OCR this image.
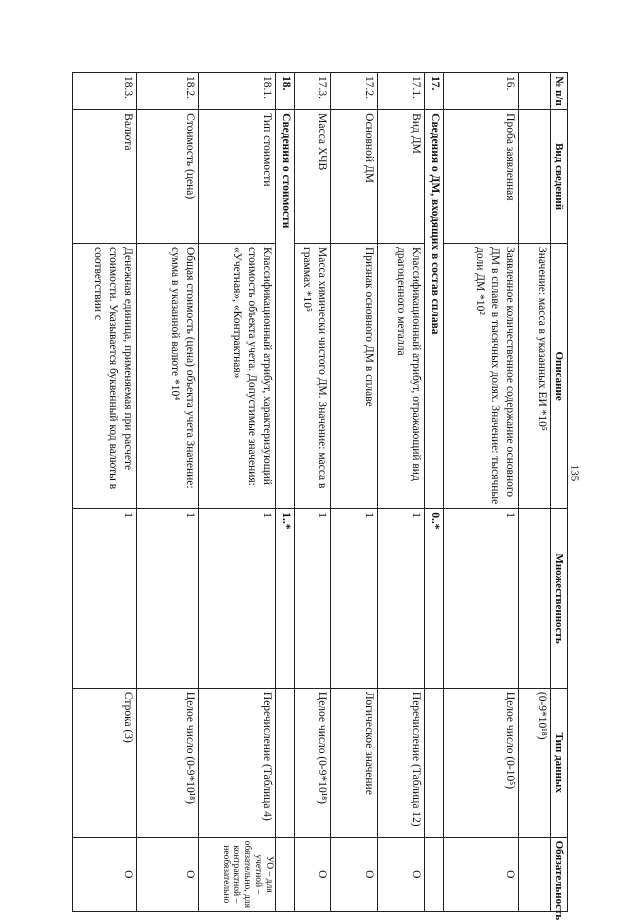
135
№ п/п	Вид сведений	Описание	Множественность	Тип данных	Обязательность
		Значение: масса в указанных ЕИ *10⁵		(0-9*10¹⁸)	
16.	Проба заявленная	Заявленное количественное содержание основного ДМ в сплаве в тысячных долях. Значение: тысячные доли ДМ *10²	1	Целое число (0-10⁵)	О
17.	Сведения о ДМ, входящих в состав сплава		0..*		
17.1.	Вид ДМ	Классификационный атрибут, отражающий вид драгоценного металла	1	Перечисление (Таблица 12)	О
17.2.	Основной ДМ	Признак основного ДМ в сплаве	1	Логическое значение	О
17.3.	Масса ХЧВ	Масса химически чистого ДМ. Значение: масса в граммах *10⁵	1	Целое число (0-9*10¹⁸)	О
18.	Сведения о стоимости		1..*		
18.1.	Тип стоимости	Классификационный атрибут, характеризующий стоимость объекта учета. Допустимые значения: «Учетная», «Контрактная»	1	Перечисление (Таблица 4)	УО – для учетной – обязательно, для контрактной – необязательно
18.2.	Стоимость (цена)	Общая стоимость (цена) объекта учета Значение: сумма в указанной валюте *10⁴	1	Целое число (0-9*10¹⁸)	О
18.3.	Валюта	Денежная единица, применяемая при расчете стоимости. Указывается буквенный код валюты в соответствии с	1	Строка (3)	О
